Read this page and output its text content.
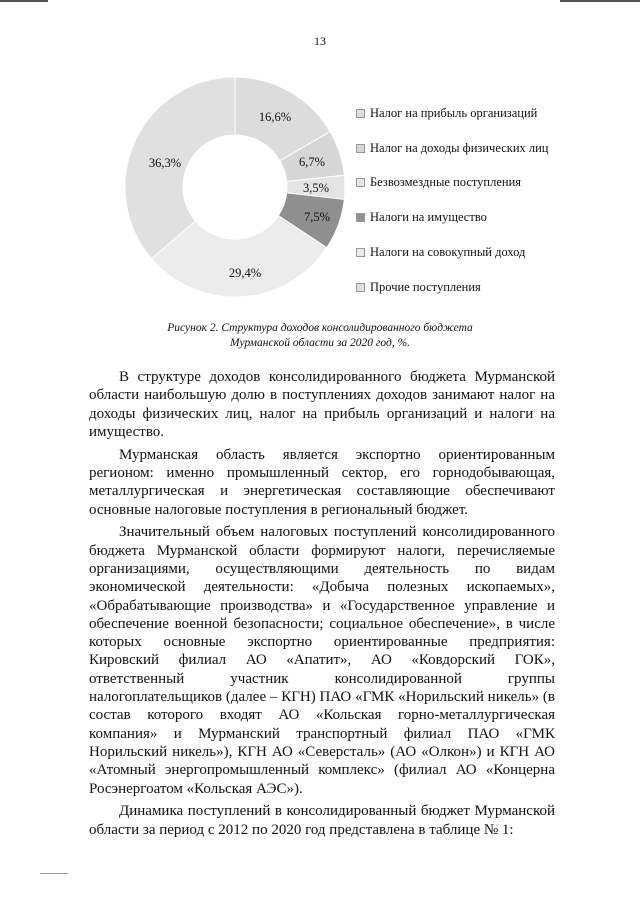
13
16,6%
6,7%
3,5%
7,5%
29,4%
36,3%
Налог на прибыль организаций
Налог на доходы физических лиц
Безвозмездные поступления
Налоги на имущество
Налоги на совокупный доход
Прочие поступления
Рисунок 2. Структура доходов консолидированного бюджета
Мурманской области за 2020 год, %.

В структуре доходов консолидированного бюджета Мурманской области наибольшую долю в поступлениях доходов занимают налог на доходы физических лиц, налог на прибыль организаций и налоги на имущество.

Мурманская область является экспортно ориентированным регионом: именно промышленный сектор, его горнодобывающая, металлургическая и энергетическая составляющие обеспечивают основные налоговые поступления в региональный бюджет.

Значительный объем налоговых поступлений консолидированного бюджета Мурманской области формируют налоги, перечисляемые организациями, осуществляющими деятельность по видам экономической деятельности: «Добыча полезных ископаемых», «Обрабатывающие производства» и «Государственное управление и обеспечение военной безопасности; социальное обеспечение», в числе которых основные экспортно ориентированные предприятия: Кировский филиал АО «Апатит», АО «Ковдорский ГОК», ответственный участник консолидированной группы налогоплательщиков (далее – КГН) ПАО «ГМК «Норильский никель» (в состав которого входят АО «Кольская горно-металлургическая компания» и Мурманский транспортный филиал ПАО «ГМК Норильский никель»), КГН АО «Северсталь» (АО «Олкон») и КГН АО «Атомный энергопромышленный комплекс» (филиал АО «Концерна Росэнергоатом «Кольская АЭС»).

Динамика поступлений в консолидированный бюджет Мурманской области за период с 2012 по 2020 год представлена в таблице № 1:
